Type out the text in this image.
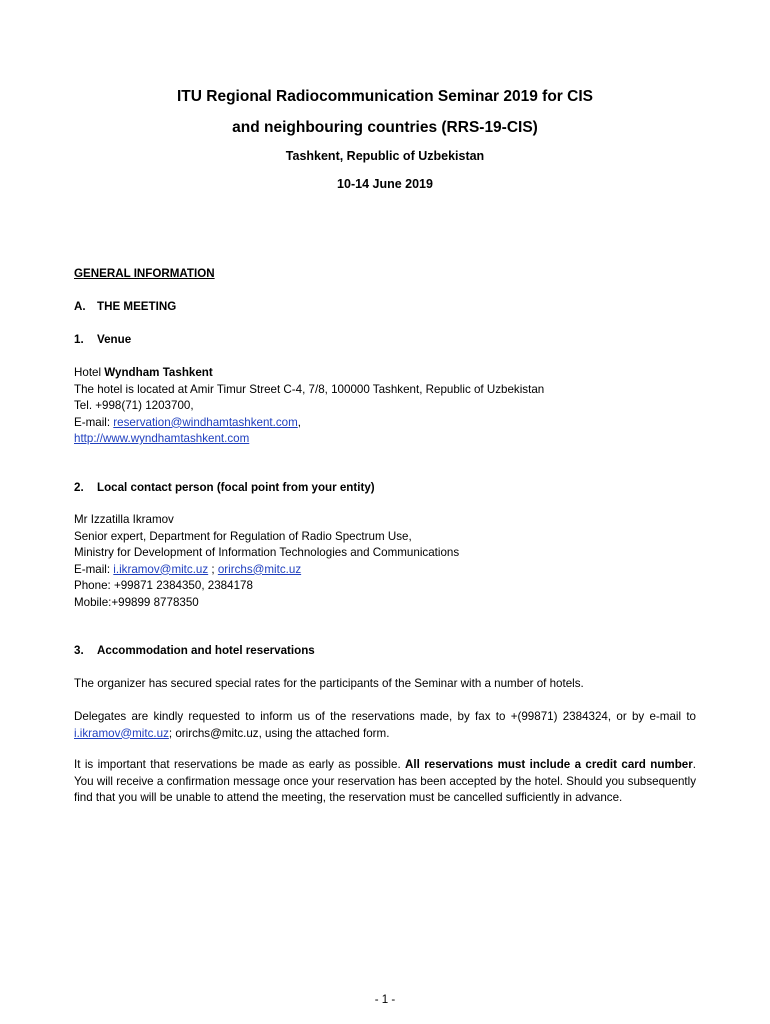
ITU Regional Radiocommunication Seminar 2019 for CIS
and neighbouring countries (RRS-19-CIS)
Tashkent, Republic of Uzbekistan
10-14 June 2019
GENERAL INFORMATION
A. THE MEETING
1. Venue
Hotel Wyndham Tashkent
The hotel is located at Amir Timur Street C-4, 7/8, 100000 Tashkent, Republic of Uzbekistan
Tel. +998(71) 1203700,
E-mail: reservation@windhamtashkent.com,
http://www.wyndhamtashkent.com
2. Local contact person (focal point from your entity)
Mr Izzatilla Ikramov
Senior expert, Department for Regulation of Radio Spectrum Use,
Ministry for Development of Information Technologies and Communications
E-mail: i.ikramov@mitc.uz ; orirchs@mitc.uz
Phone: +99871 2384350, 2384178
Mobile:+99899 8778350
3. Accommodation and hotel reservations
The organizer has secured special rates for the participants of the Seminar with a number of hotels.
Delegates are kindly requested to inform us of the reservations made, by fax to +(99871) 2384324, or by e-mail to i.ikramov@mitc.uz; orirchs@mitc.uz, using the attached form.
It is important that reservations be made as early as possible. All reservations must include a credit card number. You will receive a confirmation message once your reservation has been accepted by the hotel. Should you subsequently find that you will be unable to attend the meeting, the reservation must be cancelled sufficiently in advance.
- 1 -
